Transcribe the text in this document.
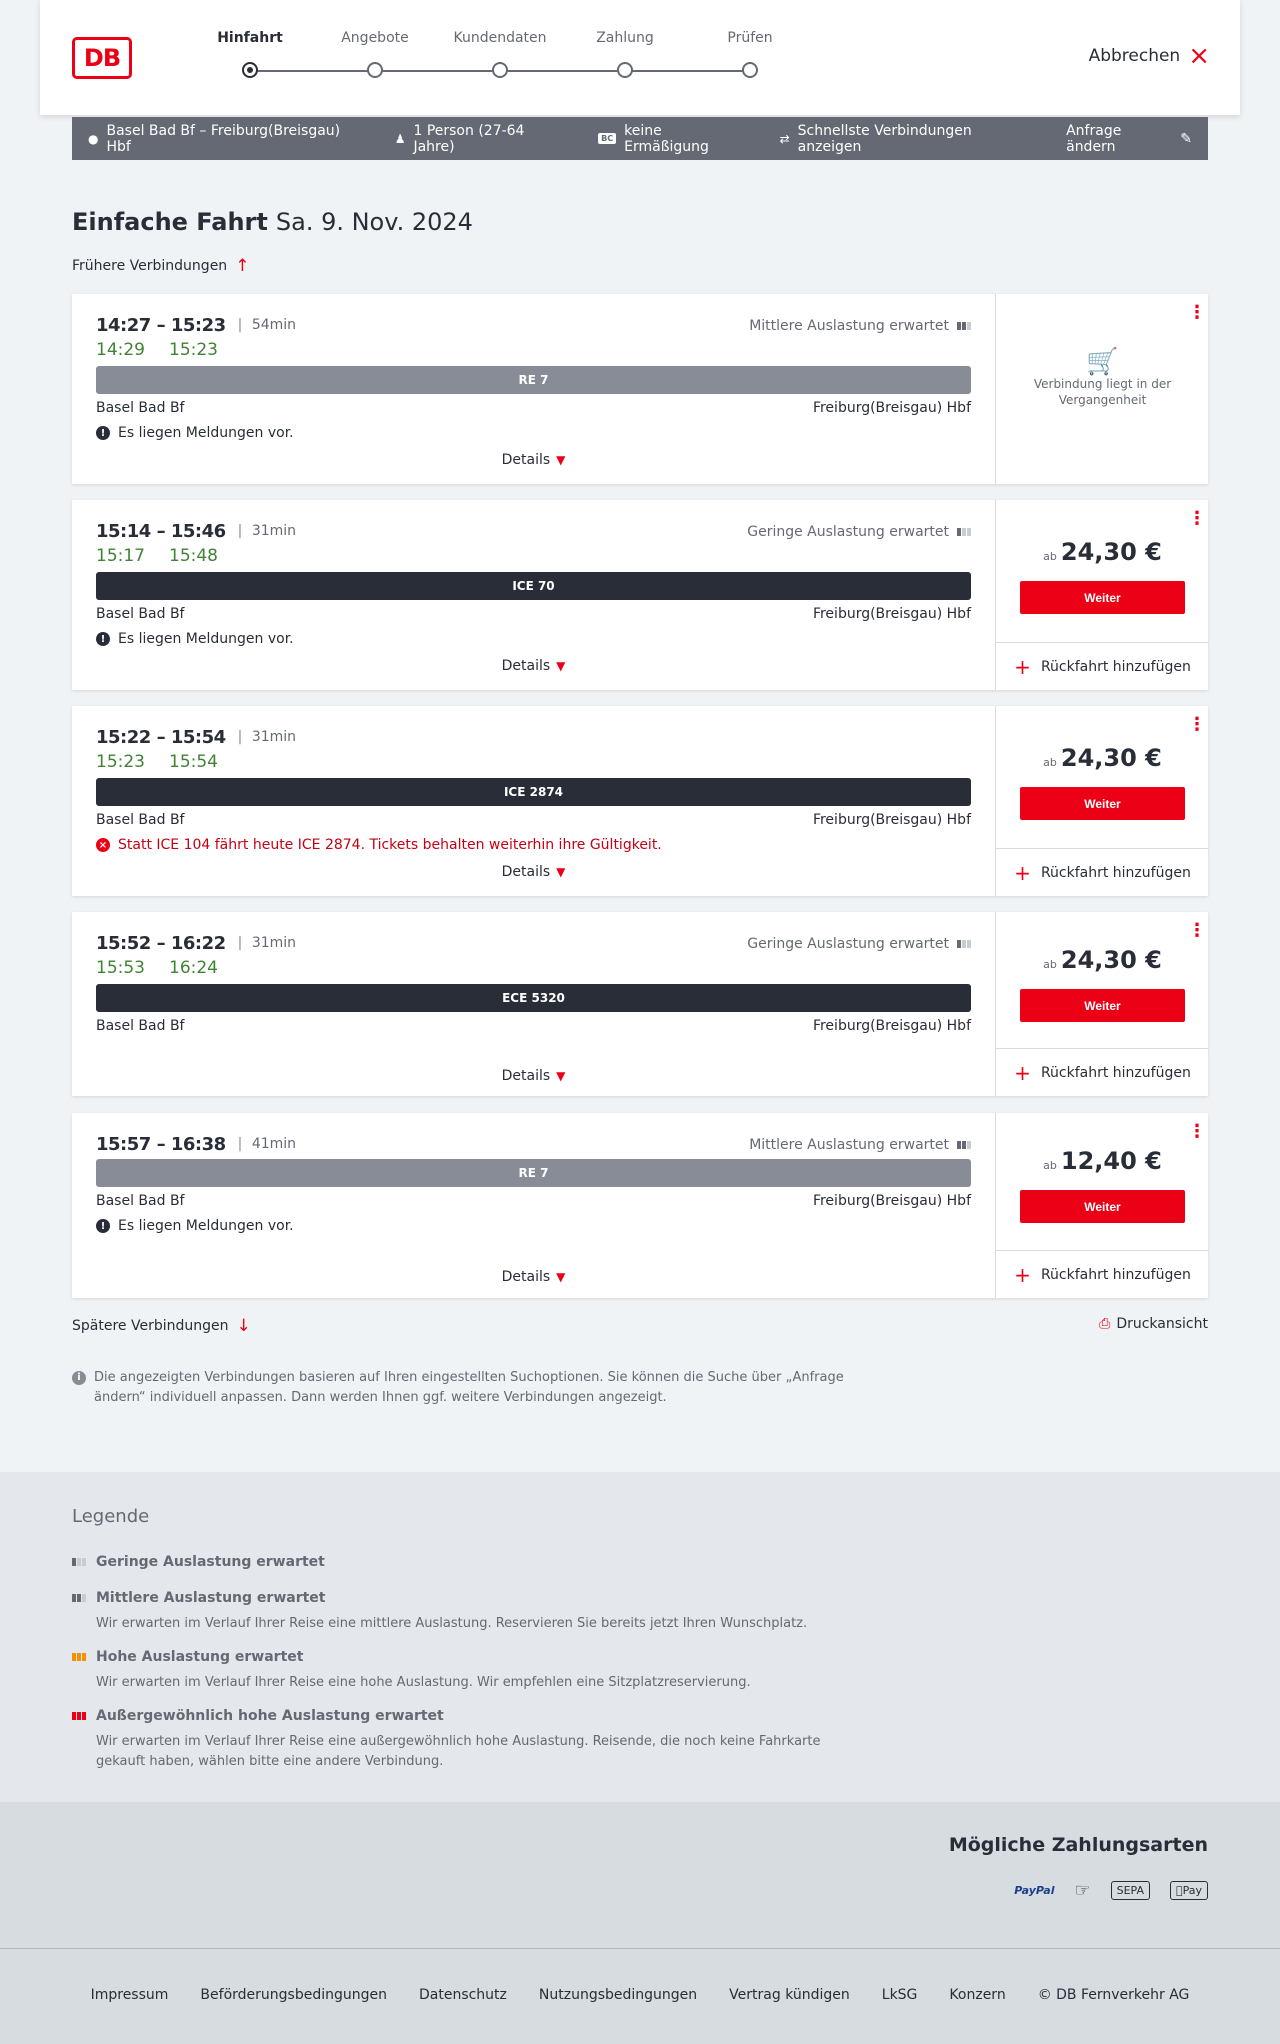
DB
Hinfahrt	Angebote	Kundendaten	Zahlung	Prüfen
Abbrechen ×
● Basel Bad Bf – Freiburg(Breisgau) Hbf	♟ 1 Person (27-64 Jahre)	BC keine Ermäßigung	⇄ Schnellste Verbindungen anzeigen
Anfrage ändern	✎
Einfache Fahrt Sa. 9. Nov. 2024
Frühere Verbindungen ↑
14:27 – 15:23 | 54min	Mittlere Auslastung erwartet
14:29 15:23
RE 7
Basel Bad Bf	Freiburg(Breisgau) Hbf
! Es liegen Meldungen vor.
Details ▼
⋮
🛒
Verbindung liegt in der Vergangenheit
15:14 – 15:46 | 31min	Geringe Auslastung erwartet
15:17 15:48
ICE 70
Basel Bad Bf	Freiburg(Breisgau) Hbf
! Es liegen Meldungen vor.
Details ▼
⋮
ab 24,30 €
Weiter
+ Rückfahrt hinzufügen
15:22 – 15:54 | 31min
15:23 15:54
ICE 2874
Basel Bad Bf	Freiburg(Breisgau) Hbf
× Statt ICE 104 fährt heute ICE 2874. Tickets behalten weiterhin ihre Gültigkeit.
Details ▼
⋮
ab 24,30 €
Weiter
+ Rückfahrt hinzufügen
15:52 – 16:22 | 31min	Geringe Auslastung erwartet
15:53 16:24
ECE 5320
Basel Bad Bf	Freiburg(Breisgau) Hbf
Details ▼
⋮
ab 24,30 €
Weiter
+ Rückfahrt hinzufügen
15:57 – 16:38 | 41min	Mittlere Auslastung erwartet
RE 7
Basel Bad Bf	Freiburg(Breisgau) Hbf
! Es liegen Meldungen vor.
Details ▼
⋮
ab 12,40 €
Weiter
+ Rückfahrt hinzufügen
Spätere Verbindungen ↓	⎙ Druckansicht
i	Die angezeigten Verbindungen basieren auf Ihren eingestellten Suchoptionen. Sie können die Suche über „Anfrage ändern“ individuell anpassen. Dann werden Ihnen ggf. weitere Verbindungen angezeigt.
Legende
Geringe Auslastung erwartet
Mittlere Auslastung erwartet
Wir erwarten im Verlauf Ihrer Reise eine mittlere Auslastung. Reservieren Sie bereits jetzt Ihren Wunschplatz.
Hohe Auslastung erwartet
Wir erwarten im Verlauf Ihrer Reise eine hohe Auslastung. Wir empfehlen eine Sitzplatzreservierung.
Außergewöhnlich hohe Auslastung erwartet
Wir erwarten im Verlauf Ihrer Reise eine außergewöhnlich hohe Auslastung. Reisende, die noch keine Fahrkarte gekauft haben, wählen bitte eine andere Verbindung.
Mögliche Zahlungsarten
PayPal	☞	SEPA	Pay
Impressum Beförderungsbedingungen Datenschutz Nutzungsbedingungen Vertrag kündigen LkSG Konzern © DB Fernverkehr AG
